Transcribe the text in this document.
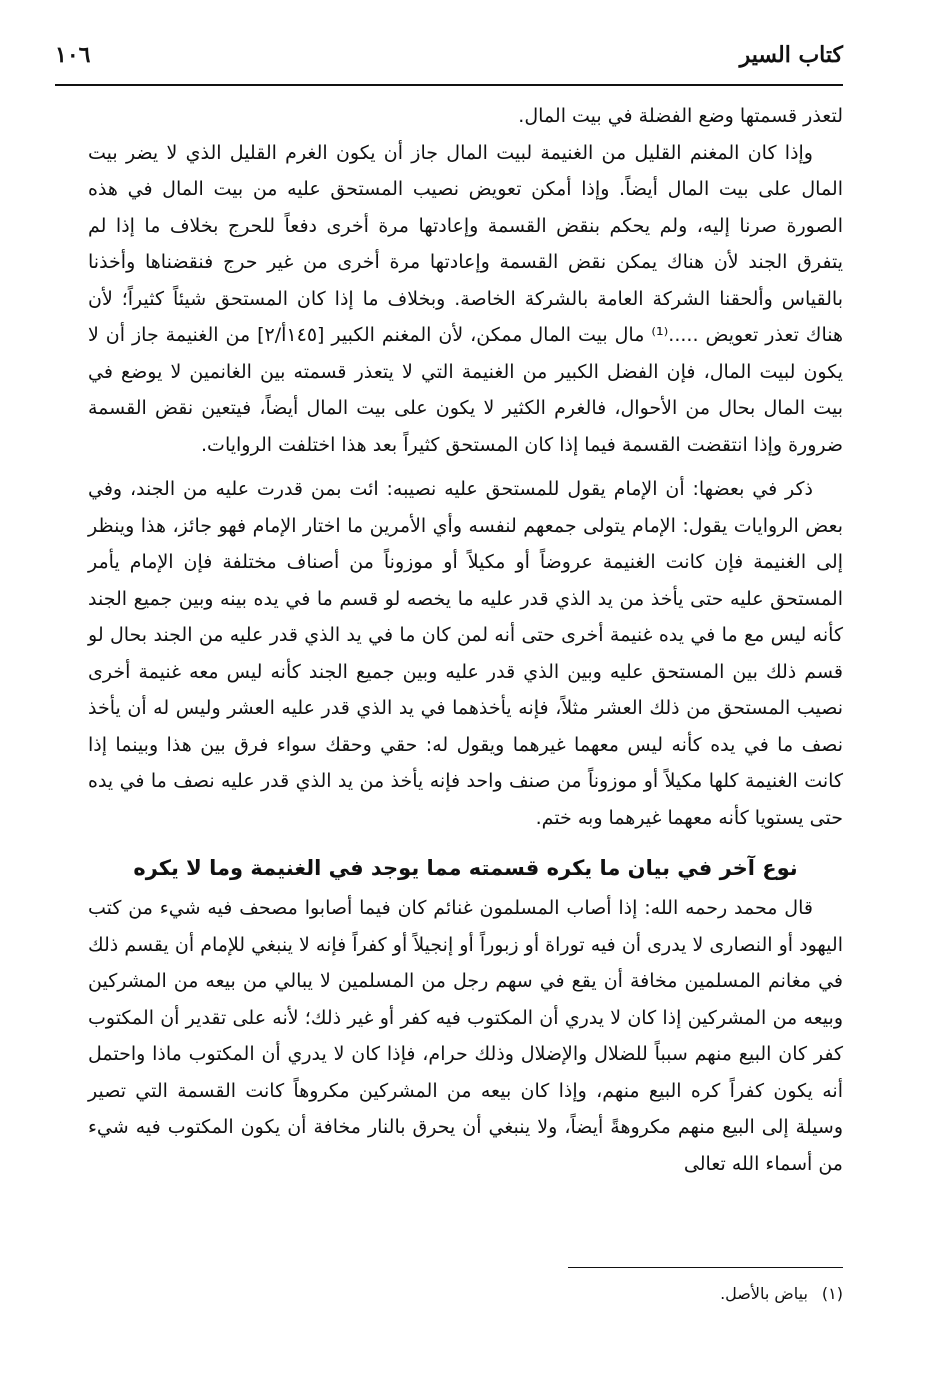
كتاب السير
١٠٦

لتعذر قسمتها وضع الفضلة في بيت المال.

وإذا كان المغنم القليل من الغنيمة لبيت المال جاز أن يكون الغرم القليل الذي لا يضر بيت المال على بيت المال أيضاً. وإذا أمكن تعويض نصيب المستحق عليه من بيت المال في هذه الصورة صرنا إليه، ولم يحكم بنقض القسمة وإعادتها مرة أخرى دفعاً للحرج بخلاف ما إذا لم يتفرق الجند لأن هناك يمكن نقض القسمة وإعادتها مرة أخرى من غير حرج فنقضناها وأخذنا بالقياس وألحقنا الشركة العامة بالشركة الخاصة. وبخلاف ما إذا كان المستحق شيئاً كثيراً؛ لأن هناك تعذر تعويض .....⁽¹⁾ مال بيت المال ممكن، لأن المغنم الكبير [١٤٥أ/٢] من الغنيمة جاز أن لا يكون لبيت المال، فإن الفضل الكبير من الغنيمة التي لا يتعذر قسمته بين الغانمين لا يوضع في بيت المال بحال من الأحوال، فالغرم الكثير لا يكون على بيت المال أيضاً، فيتعين نقض القسمة ضرورة وإذا انتقضت القسمة فيما إذا كان المستحق كثيراً بعد هذا اختلفت الروايات.

ذكر في بعضها: أن الإمام يقول للمستحق عليه نصيبه: ائت بمن قدرت عليه من الجند، وفي بعض الروايات يقول: الإمام يتولى جمعهم لنفسه وأي الأمرين ما اختار الإمام فهو جائز، هذا وينظر إلى الغنيمة فإن كانت الغنيمة عروضاً أو مكيلاً أو موزوناً من أصناف مختلفة فإن الإمام يأمر المستحق عليه حتى يأخذ من يد الذي قدر عليه ما يخصه لو قسم ما في يده بينه وبين جميع الجند كأنه ليس مع ما في يده غنيمة أخرى حتى أنه لمن كان ما في يد الذي قدر عليه من الجند بحال لو قسم ذلك بين المستحق عليه وبين الذي قدر عليه وبين جميع الجند كأنه ليس معه غنيمة أخرى نصيب المستحق من ذلك العشر مثلاً، فإنه يأخذهما في يد الذي قدر عليه العشر وليس له أن يأخذ نصف ما في يده كأنه ليس معهما غيرهما ويقول له: حقي وحقك سواء فرق بين هذا وبينما إذا كانت الغنيمة كلها مكيلاً أو موزوناً من صنف واحد فإنه يأخذ من يد الذي قدر عليه نصف ما في يده حتى يستويا كأنه معهما غيرهما وبه ختم.

نوع آخر في بيان ما يكره قسمته مما يوجد في الغنيمة وما لا يكره

قال محمد رحمه الله: إذا أصاب المسلمون غنائم كان فيما أصابوا مصحف فيه شيء من كتب اليهود أو النصارى لا يدرى أن فيه توراة أو زبوراً أو إنجيلاً أو كفراً فإنه لا ينبغي للإمام أن يقسم ذلك في مغانم المسلمين مخافة أن يقع في سهم رجل من المسلمين لا يبالي من بيعه من المشركين وبيعه من المشركين إذا كان لا يدري أن المكتوب فيه كفر أو غير ذلك؛ لأنه على تقدير أن المكتوب كفر كان البيع منهم سبباً للضلال والإضلال وذلك حرام، فإذا كان لا يدري أن المكتوب ماذا واحتمل أنه يكون كفراً كره البيع منهم، وإذا كان بيعه من المشركين مكروهاً كانت القسمة التي تصير وسيلة إلى البيع منهم مكروهةً أيضاً، ولا ينبغي أن يحرق بالنار مخافة أن يكون المكتوب فيه شيء من أسماء الله تعالى

(١)بياض بالأصل.
